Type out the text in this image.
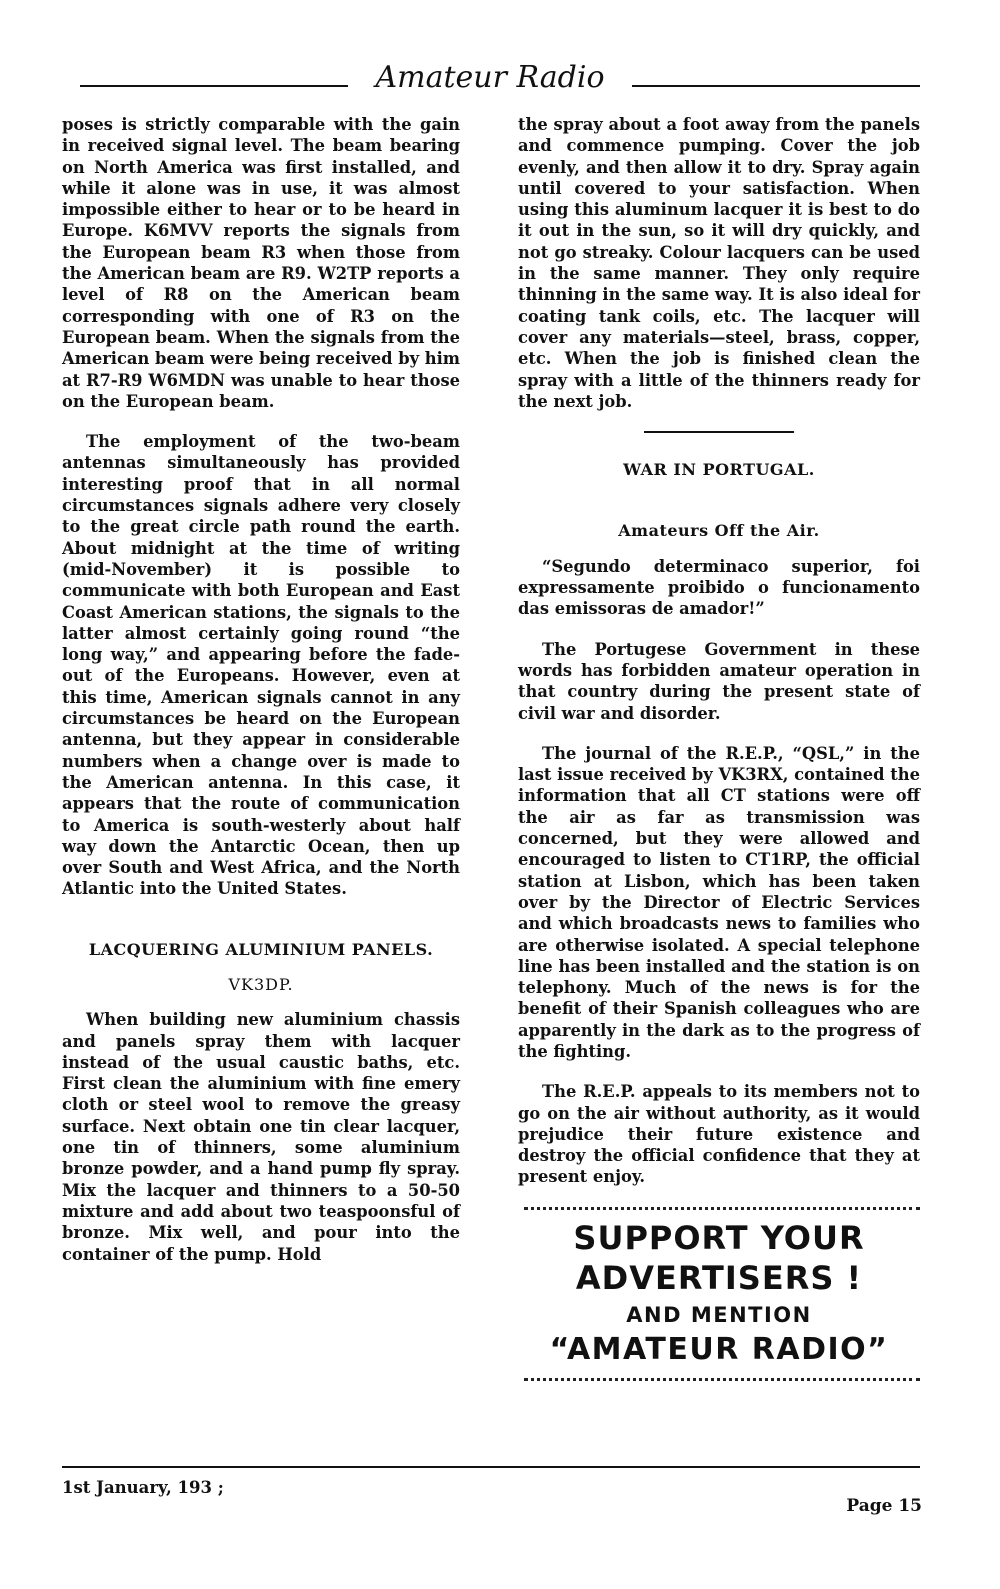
Amateur Radio

poses is strictly comparable with the gain in received signal level. The beam bearing on North America was first installed, and while it alone was in use, it was almost impossible either to hear or to be heard in Europe. K6MVV reports the signals from the European beam R3 when those from the American beam are R9. W2TP reports a level of R8 on the American beam corresponding with one of R3 on the European beam. When the signals from the American beam were being received by him at R7-R9 W6MDN was unable to hear those on the European beam.

The employment of the two-beam antennas simultaneously has provided interesting proof that in all normal circumstances signals adhere very closely to the great circle path round the earth. About midnight at the time of writing (mid-November) it is possible to communicate with both European and East Coast American stations, the signals to the latter almost certainly going round “the long way,” and appearing before the fade-out of the Europeans. However, even at this time, American signals cannot in any circumstances be heard on the European antenna, but they appear in considerable numbers when a change over is made to the American antenna. In this case, it appears that the route of communication to America is south-westerly about half way down the Antarctic Ocean, then up over South and West Africa, and the North Atlantic into the United States.

LACQUERING ALUMINIUM PANELS.
VK3DP.

When building new aluminium chassis and panels spray them with lacquer instead of the usual caustic baths, etc. First clean the aluminium with fine emery cloth or steel wool to remove the greasy surface. Next obtain one tin clear lacquer, one tin of thinners, some aluminium bronze powder, and a hand pump fly spray. Mix the lacquer and thinners to a 50-50 mixture and add about two teaspoonsful of bronze. Mix well, and pour into the container of the pump. Hold

the spray about a foot away from the panels and commence pumping. Cover the job evenly, and then allow it to dry. Spray again until covered to your satisfaction. When using this aluminum lacquer it is best to do it out in the sun, so it will dry quickly, and not go streaky. Colour lacquers can be used in the same manner. They only require thinning in the same way. It is also ideal for coating tank coils, etc. The lacquer will cover any materials—steel, brass, copper, etc. When the job is finished clean the spray with a little of the thinners ready for the next job.

WAR IN PORTUGAL.
Amateurs Off the Air.

“Segundo determinaco superior, foi expressamente proibido o funcionamento das emissoras de amador!”

The Portugese Government in these words has forbidden amateur operation in that country during the present state of civil war and disorder.

The journal of the R.E.P., “QSL,” in the last issue received by VK3RX, contained the information that all CT stations were off the air as far as transmission was concerned, but they were allowed and encouraged to listen to CT1RP, the official station at Lisbon, which has been taken over by the Director of Electric Services and which broadcasts news to families who are otherwise isolated. A special telephone line has been installed and the station is on telephony. Much of the news is for the benefit of their Spanish colleagues who are apparently in the dark as to the progress of the fighting.

The R.E.P. appeals to its members not to go on the air without authority, as it would prejudice their future existence and destroy the official confidence that they at present enjoy.

SUPPORT YOUR
ADVERTISERS !
AND MENTION
“AMATEUR RADIO”
1st January, 193 ;
Page 15
